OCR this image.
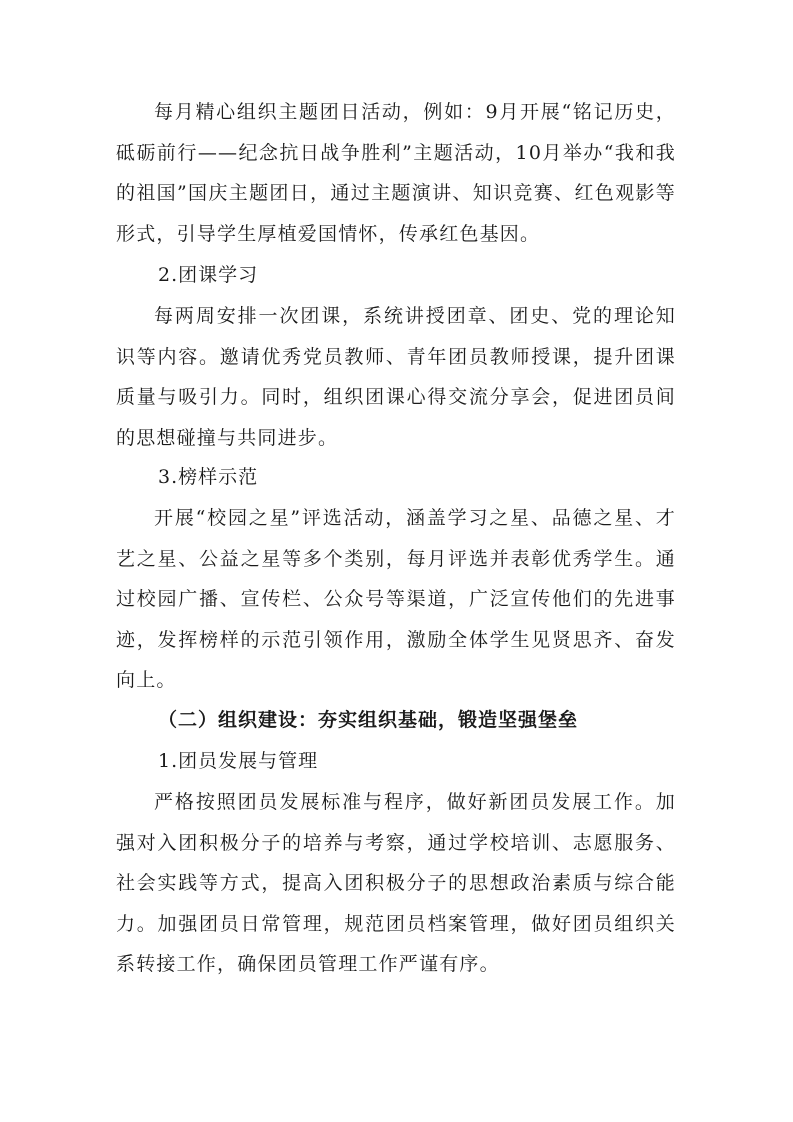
每月精心组织主题团日活动，例如：9月开展“铭记历史，砥砺前行——纪念抗日战争胜利”主题活动，10月举办“我和我的祖国”国庆主题团日，通过主题演讲、知识竞赛、红色观影等形式，引导学生厚植爱国情怀，传承红色基因。

2.团课学习

每两周安排一次团课，系统讲授团章、团史、党的理论知识等内容。邀请优秀党员教师、青年团员教师授课，提升团课质量与吸引力。同时，组织团课心得交流分享会，促进团员间的思想碰撞与共同进步。

3.榜样示范

开展“校园之星”评选活动，涵盖学习之星、品德之星、才艺之星、公益之星等多个类别，每月评选并表彰优秀学生。通过校园广播、宣传栏、公众号等渠道，广泛宣传他们的先进事迹，发挥榜样的示范引领作用，激励全体学生见贤思齐、奋发向上。

（二）组织建设：夯实组织基础，锻造坚强堡垒

1.团员发展与管理

严格按照团员发展标准与程序，做好新团员发展工作。加强对入团积极分子的培养与考察，通过学校培训、志愿服务、社会实践等方式，提高入团积极分子的思想政治素质与综合能力。加强团员日常管理，规范团员档案管理，做好团员组织关系转接工作，确保团员管理工作严谨有序。
